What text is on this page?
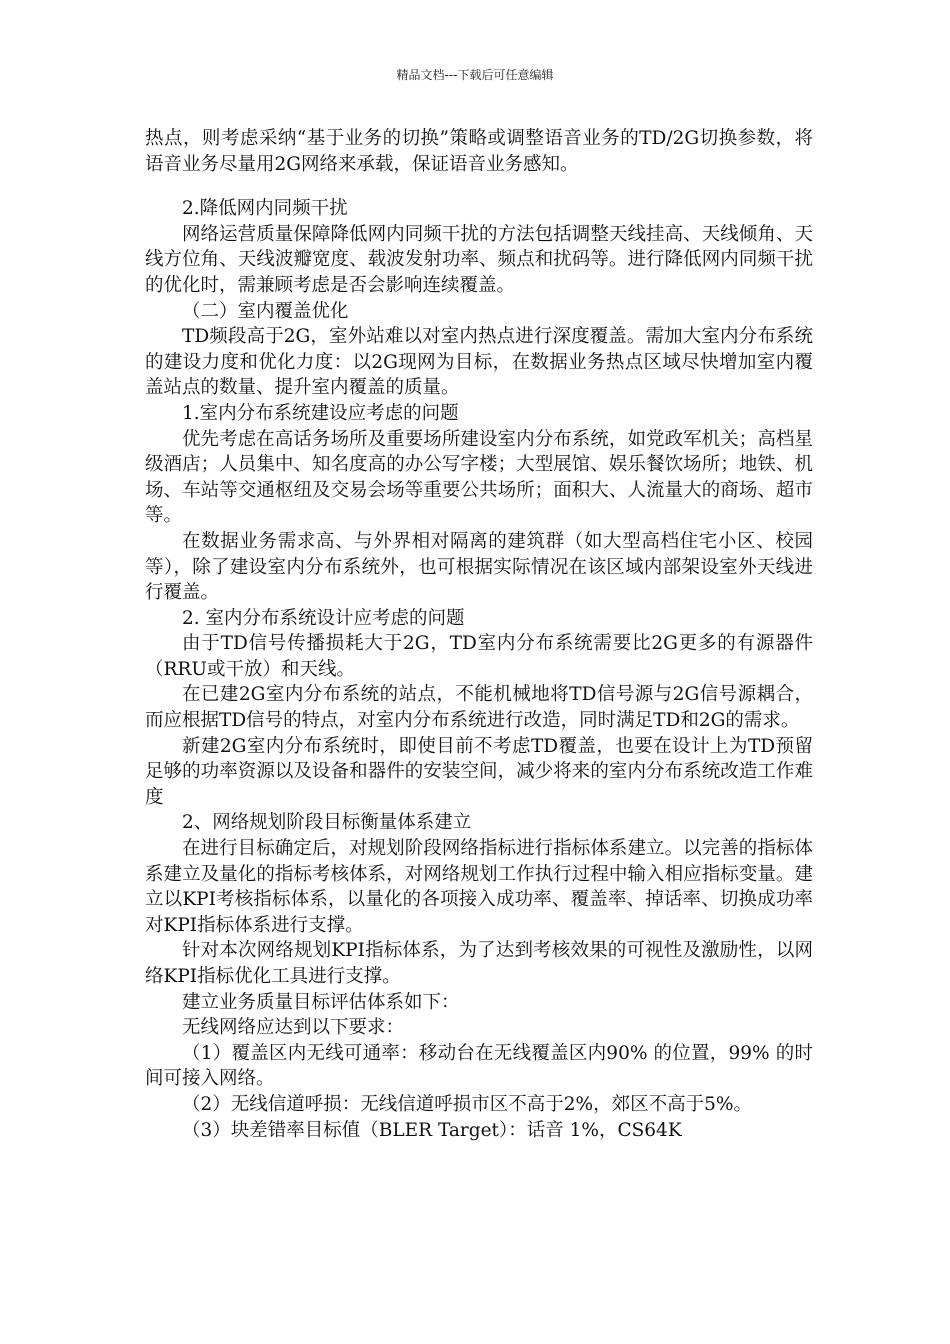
精品文档---下载后可任意编辑

热点，则考虑采纳“基于业务的切换”策略或调整语音业务的TD/2G切换参数，将语音业务尽量用2G网络来承载，保证语音业务感知。

2.降低网内同频干扰

网络运营质量保障降低网内同频干扰的方法包括调整天线挂高、天线倾角、天线方位角、天线波瓣宽度、载波发射功率、频点和扰码等。进行降低网内同频干扰的优化时，需兼顾考虑是否会影响连续覆盖。

（二）室内覆盖优化

TD频段高于2G，室外站难以对室内热点进行深度覆盖。需加大室内分布系统的建设力度和优化力度：以2G现网为目标，在数据业务热点区域尽快增加室内覆盖站点的数量、提升室内覆盖的质量。

1.室内分布系统建设应考虑的问题

优先考虑在高话务场所及重要场所建设室内分布系统，如党政军机关；高档星级酒店；人员集中、知名度高的办公写字楼；大型展馆、娱乐餐饮场所；地铁、机场、车站等交通枢纽及交易会场等重要公共场所；面积大、人流量大的商场、超市等。

在数据业务需求高、与外界相对隔离的建筑群（如大型高档住宅小区、校园等），除了建设室内分布系统外，也可根据实际情况在该区域内部架设室外天线进行覆盖。

2. 室内分布系统设计应考虑的问题

由于TD信号传播损耗大于2G，TD室内分布系统需要比2G更多的有源器件（RRU或干放）和天线。

在已建2G室内分布系统的站点，不能机械地将TD信号源与2G信号源耦合，而应根据TD信号的特点，对室内分布系统进行改造，同时满足TD和2G的需求。

新建2G室内分布系统时，即使目前不考虑TD覆盖，也要在设计上为TD预留足够的功率资源以及设备和器件的安装空间，减少将来的室内分布系统改造工作难度

2、网络规划阶段目标衡量体系建立

在进行目标确定后，对规划阶段网络指标进行指标体系建立。以完善的指标体系建立及量化的指标考核体系，对网络规划工作执行过程中输入相应指标变量。建立以KPI考核指标体系，以量化的各项接入成功率、覆盖率、掉话率、切换成功率对KPI指标体系进行支撑。

针对本次网络规划KPI指标体系，为了达到考核效果的可视性及激励性，以网络KPI指标优化工具进行支撑。

建立业务质量目标评估体系如下：

无线网络应达到以下要求：

（1）覆盖区内无线可通率：移动台在无线覆盖区内90% 的位置，99% 的时间可接入网络。

（2）无线信道呼损：无线信道呼损市区不高于2%，郊区不高于5%。

（3）块差错率目标值（BLER Target）：话音 1%，CS64K
